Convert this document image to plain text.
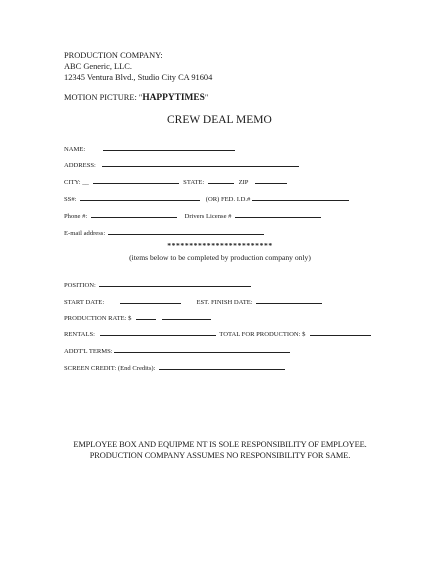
PRODUCTION COMPANY:
ABC Generic, LLC.
12345 Ventura Blvd., Studio City CA 91604
MOTION PICTURE: "HAPPYTIMES"
CREW DEAL MEMO
NAME:
ADDRESS:
CITY: __	STATE:	ZIP
SS#:	(OR) FED. I.D.#
Phone #:	Drivers License #
E-mail address:
************************
(items below to be completed by production company only)
POSITION:
START DATE:	EST. FINISH DATE:
PRODUCTION RATE: $
RENTALS:	TOTAL FOR PRODUCTION: $
ADDT'L TERMS:
SCREEN CREDIT: (End Credits):
EMPLOYEE BOX AND EQUIPME NT IS SOLE RESPONSIBILITY OF EMPLOYEE.
PRODUCTION COMPANY ASSUMES NO RESPONSIBILITY FOR SAME.
